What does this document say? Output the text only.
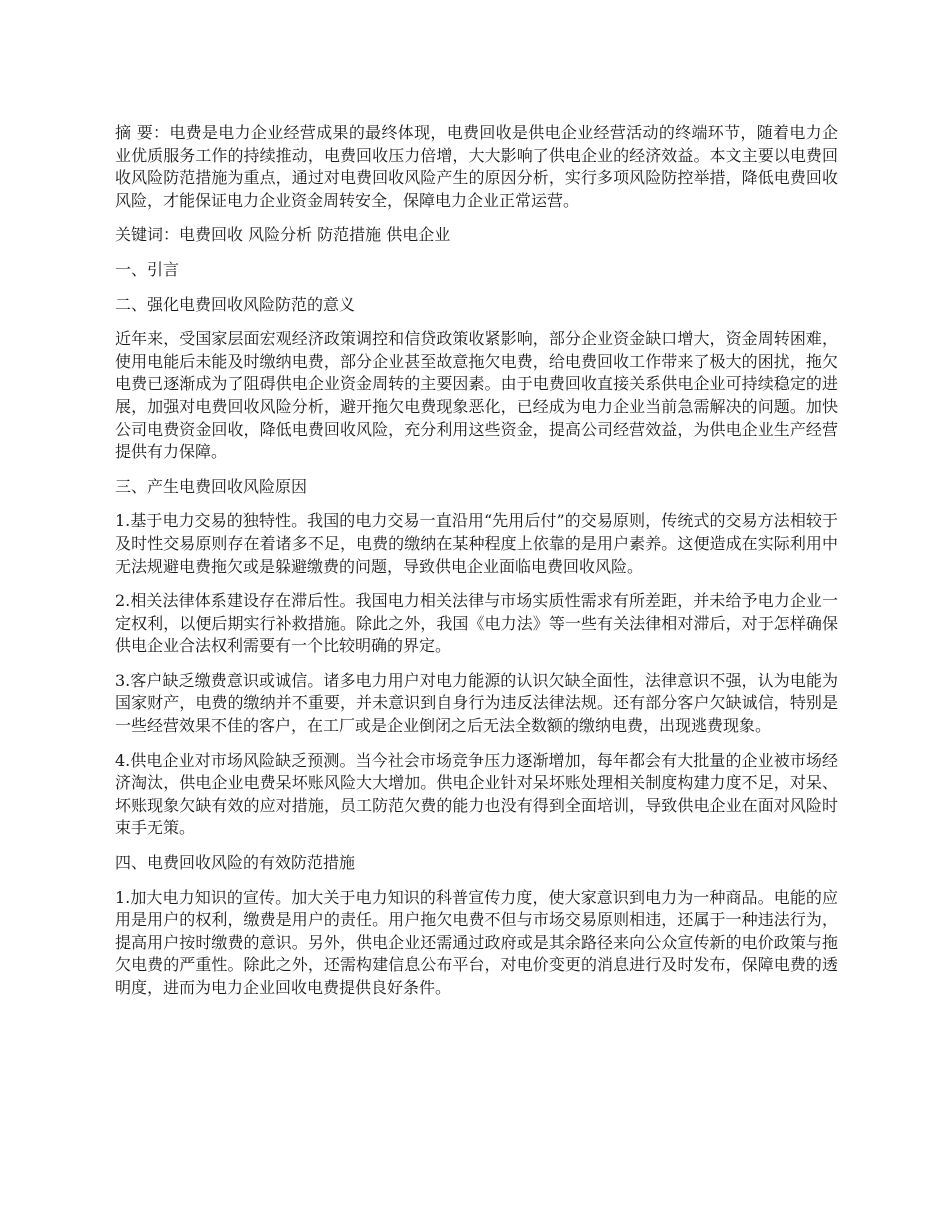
摘 要：电费是电力企业经营成果的最终体现，电费回收是供电企业经营活动的终端环节，随着电力企业优质服务工作的持续推动，电费回收压力倍增，大大影响了供电企业的经济效益。本文主要以电费回收风险防范措施为重点，通过对电费回收风险产生的原因分析，实行多项风险防控举措，降低电费回收风险，才能保证电力企业资金周转安全，保障电力企业正常运营。

关键词：电费回收 风险分析 防范措施 供电企业

一、引言

二、强化电费回收风险防范的意义

近年来，受国家层面宏观经济政策调控和信贷政策收紧影响，部分企业资金缺口增大，资金周转困难，使用电能后未能及时缴纳电费，部分企业甚至故意拖欠电费，给电费回收工作带来了极大的困扰，拖欠电费已逐渐成为了阻碍供电企业资金周转的主要因素。由于电费回收直接关系供电企业可持续稳定的进展，加强对电费回收风险分析，避开拖欠电费现象恶化，已经成为电力企业当前急需解决的问题。加快公司电费资金回收，降低电费回收风险，充分利用这些资金，提高公司经营效益，为供电企业生产经营提供有力保障。

三、产生电费回收风险原因

1.基于电力交易的独特性。我国的电力交易一直沿用“先用后付”的交易原则，传统式的交易方法相较于及时性交易原则存在着诸多不足，电费的缴纳在某种程度上依靠的是用户素养。这便造成在实际利用中无法规避电费拖欠或是躲避缴费的问题，导致供电企业面临电费回收风险。

2.相关法律体系建设存在滞后性。我国电力相关法律与市场实质性需求有所差距，并未给予电力企业一定权利，以便后期实行补救措施。除此之外，我国《电力法》等一些有关法律相对滞后，对于怎样确保供电企业合法权利需要有一个比较明确的界定。

3.客户缺乏缴费意识或诚信。诸多电力用户对电力能源的认识欠缺全面性，法律意识不强，认为电能为国家财产，电费的缴纳并不重要，并未意识到自身行为违反法律法规。还有部分客户欠缺诚信，特别是一些经营效果不佳的客户，在工厂或是企业倒闭之后无法全数额的缴纳电费，出现逃费现象。

4.供电企业对市场风险缺乏预测。当今社会市场竞争压力逐渐增加，每年都会有大批量的企业被市场经济淘汰，供电企业电费呆坏账风险大大增加。供电企业针对呆坏账处理相关制度构建力度不足，对呆、坏账现象欠缺有效的应对措施，员工防范欠费的能力也没有得到全面培训，导致供电企业在面对风险时束手无策。

四、电费回收风险的有效防范措施

1.加大电力知识的宣传。加大关于电力知识的科普宣传力度，使大家意识到电力为一种商品。电能的应用是用户的权利，缴费是用户的责任。用户拖欠电费不但与市场交易原则相违，还属于一种违法行为，提高用户按时缴费的意识。另外，供电企业还需通过政府或是其余路径来向公众宣传新的电价政策与拖欠电费的严重性。除此之外，还需构建信息公布平台，对电价变更的消息进行及时发布，保障电费的透明度，进而为电力企业回收电费提供良好条件。
